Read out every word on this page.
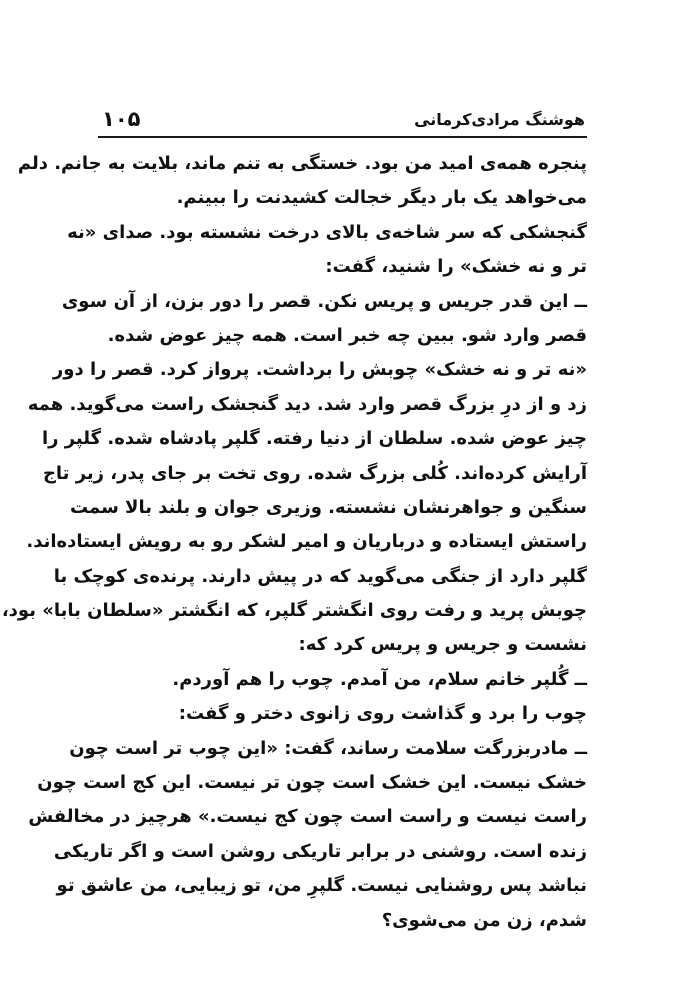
۱۰۵	هوشنگ مرادی‌کرمانی
پنجره همه‌ی امید من بود. خستگی به تنم ماند، بلایت به جانم. دلم
می‌خواهد یک بار دیگر خجالت کشیدنت را ببینم.
گنجشکی که سر شاخه‌ی بالای درخت نشسته بود. صدای «نه
تر و نه خشک» را شنید، گفت:
ــ این قدر جریس و پریس نکن. قصر را دور بزن، از آن سوی
قصر وارد شو. ببین چه خبر است. همه چیز عوض شده.
«نه تر و نه خشک» چوبش را برداشت. پرواز کرد. قصر را دور
زد و از درِ بزرگ قصر وارد شد. دید گنجشک راست می‌گوید. همه
چیز عوض شده. سلطان از دنیا رفته. گلپر پادشاه شده. گلپر را
آرایش کرده‌اند. کُلی بزرگ شده. روی تخت بر جای پدر، زیر تاج
سنگین و جواهرنشان نشسته. وزیری جوان و بلند بالا سمت
راستش ایستاده و درباریان و امیر لشکر رو به رویش ایستاده‌اند.
گلپر دارد از جنگی می‌گوید که در پیش دارند. پرنده‌ی کوچک با
چوبش پرید و رفت روی انگشتر گلپر، که انگشتر «سلطان بابا» بود،
نشست و جریس و پریس کرد که:
ــ گُلپر خانم سلام، من آمدم. چوب را هم آوردم.
چوب را برد و گذاشت روی زانوی دختر و گفت:
ــ مادربزرگت سلامت رساند، گفت: «این چوب تر است چون
خشک نیست. این خشک است چون تر نیست. این کج است چون
راست نیست و راست است چون کج نیست.» هرچیز در مخالفش
زنده است. روشنی در برابر تاریکی روشن است و اگر تاریکی
نباشد پس روشنایی نیست. گلپرِ من، تو زیبایی، من عاشق تو
شدم، زن من می‌شوی؟
